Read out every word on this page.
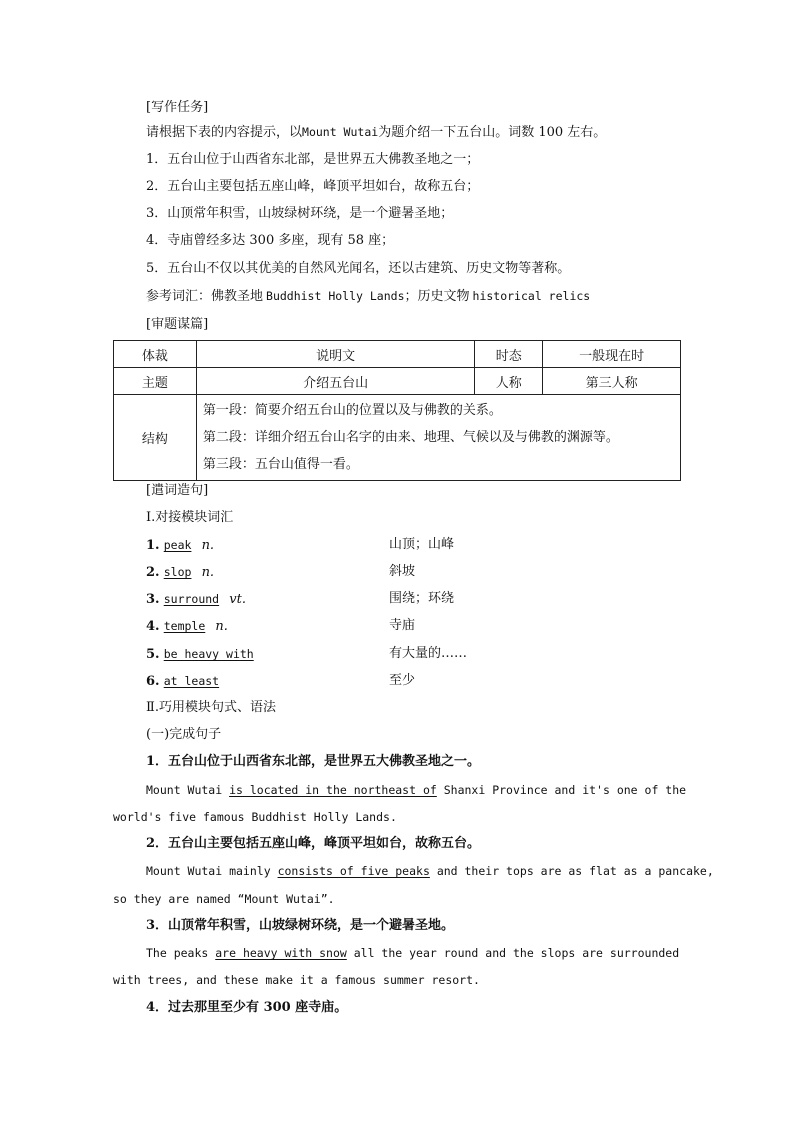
[写作任务]
请根据下表的内容提示，以Mount Wutai为题介绍一下五台山。词数 100 左右。
1．五台山位于山西省东北部，是世界五大佛教圣地之一；
2．五台山主要包括五座山峰，峰顶平坦如台，故称五台；
3．山顶常年积雪，山坡绿树环绕，是一个避暑圣地；
4．寺庙曾经多达 300 多座，现有 58 座；
5．五台山不仅以其优美的自然风光闻名，还以古建筑、历史文物等著称。
参考词汇：佛教圣地 Buddhist Holly Lands；历史文物 historical relics
[审题谋篇]
体裁	说明文	时态	一般现在时
主题	介绍五台山	人称	第三人称
结构	第一段：简要介绍五台山的位置以及与佛教的关系。
第二段：详细介绍五台山名字的由来、地理、气候以及与佛教的渊源等。
第三段：五台山值得一看。		
[遣词造句]
Ⅰ.对接模块词汇
1. peak n.	山顶；山峰
2. slop n.	斜坡
3. surround vt.	围绕；环绕
4. temple n.	寺庙
5. be heavy with	有大量的……
6. at least	至少
Ⅱ.巧用模块句式、语法
(一)完成句子
1．五台山位于山西省东北部，是世界五大佛教圣地之一。
Mount Wutai is located in the northeast of Shanxi Province and it's one of the
world's five famous Buddhist Holly Lands.
2．五台山主要包括五座山峰，峰顶平坦如台，故称五台。
Mount Wutai mainly consists of five peaks and their tops are as flat as a pancake,
so they are named “Mount Wutai”.
3．山顶常年积雪，山坡绿树环绕，是一个避暑圣地。
The peaks are heavy with snow all the year round and the slops are surrounded
with trees, and these make it a famous summer resort.
4．过去那里至少有 300 座寺庙。
